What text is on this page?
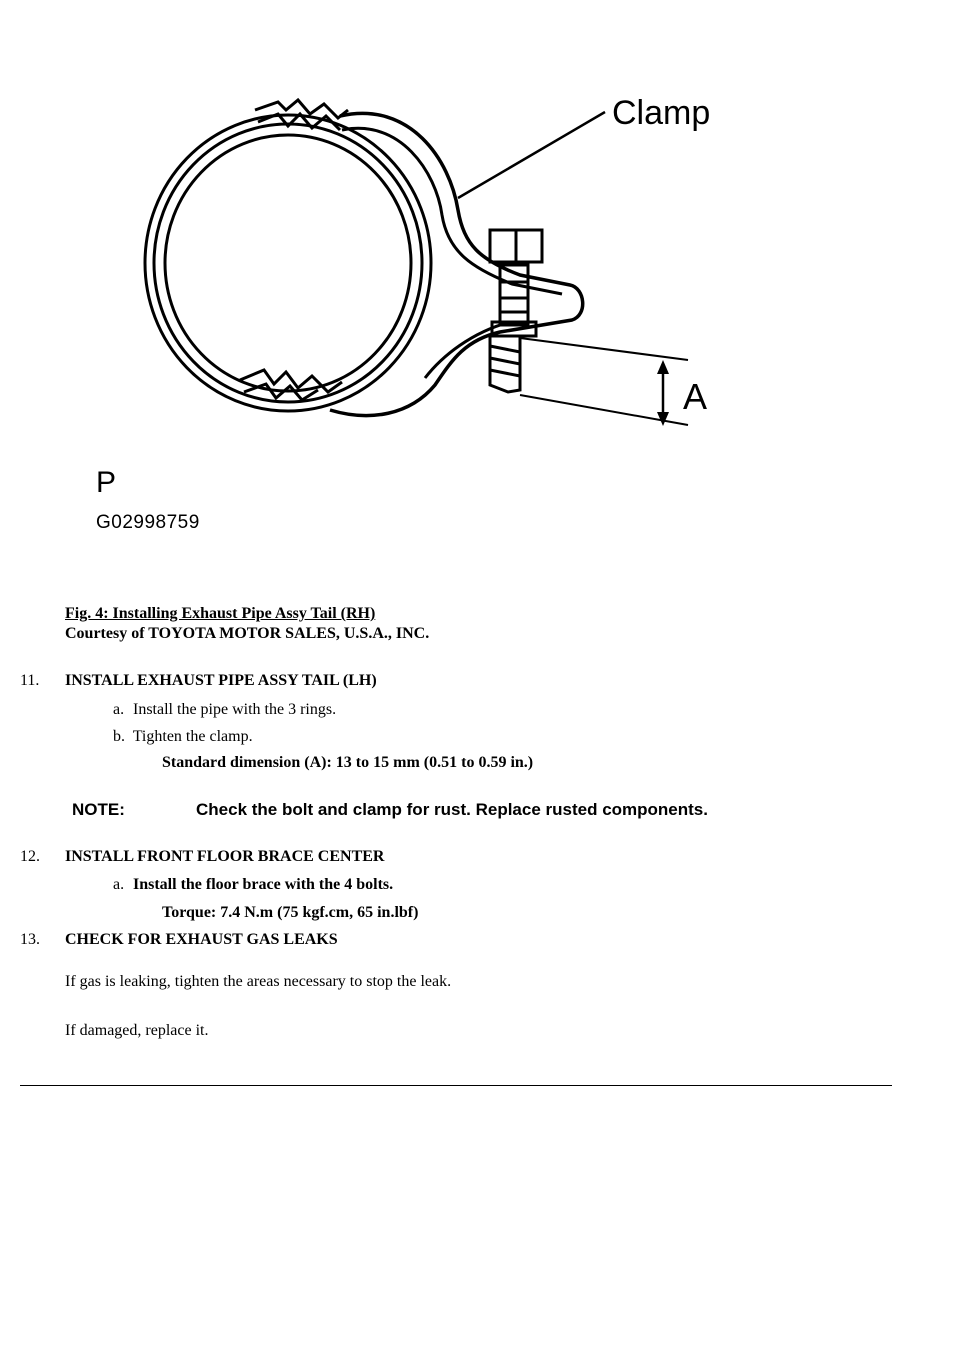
Clamp
A
P
G02998759
Fig. 4: Installing Exhaust Pipe Assy Tail (RH)
Courtesy of TOYOTA MOTOR SALES, U.S.A., INC.
11. INSTALL EXHAUST PIPE ASSY TAIL (LH)
a. Install the pipe with the 3 rings.
b. Tighten the clamp.
Standard dimension (A): 13 to 15 mm (0.51 to 0.59 in.)
NOTE:	Check the bolt and clamp for rust. Replace rusted components.
12. INSTALL FRONT FLOOR BRACE CENTER
a. Install the floor brace with the 4 bolts.
Torque: 7.4 N.m (75 kgf.cm, 65 in.lbf)
13. CHECK FOR EXHAUST GAS LEAKS
If gas is leaking, tighten the areas necessary to stop the leak.
If damaged, replace it.
